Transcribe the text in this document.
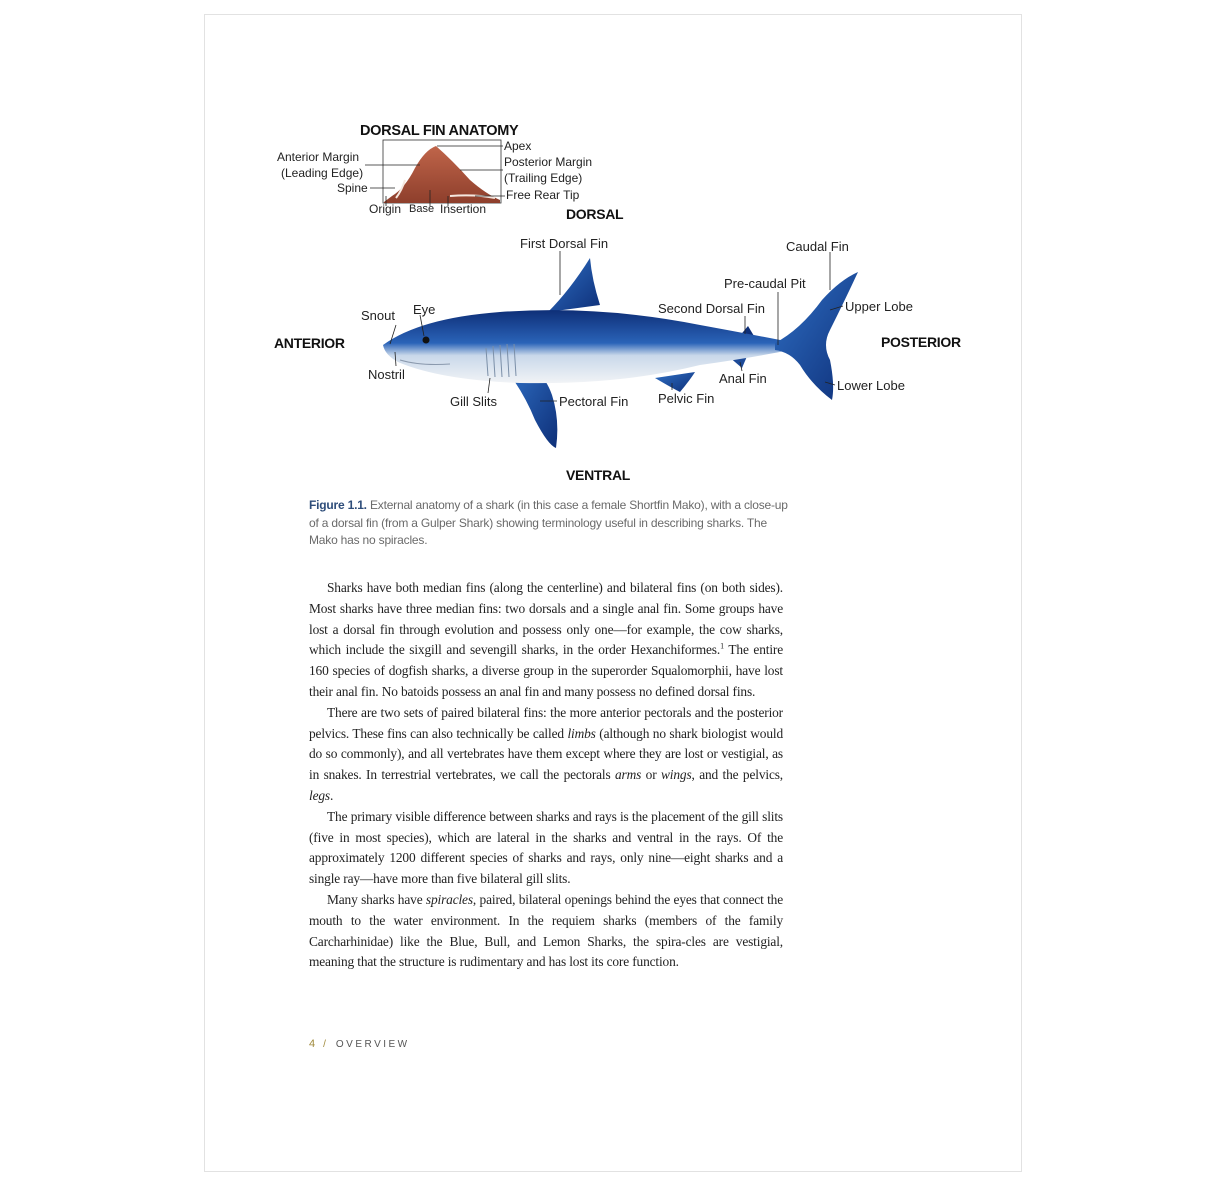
DORSAL FIN ANATOMY
Anterior Margin
(Leading Edge)
Spine
Apex
Posterior Margin
(Trailing Edge)
Free Rear Tip
Origin Base Insertion	DORSAL
VENTRAL
ANTERIOR	POSTERIOR
First Dorsal Fin	Caudal Fin
Pre-caudal Pit
Upper Lobe
Second Dorsal Fin
Snout Eye
Nostril	Anal Fin	Lower Lobe
Gill Slits	Pectoral Fin Pelvic Fin
Figure 1.1. External anatomy of a shark (in this case a female Shortfin Mako), with a close-up of a dorsal fin (from a Gulper Shark) showing terminology useful in describing sharks. The Mako has no spiracles.

Sharks have both median fins (along the centerline) and bilateral fins (on both sides). Most sharks have three median fins: two dorsals and a single anal fin. Some groups have lost a dorsal fin through evolution and possess only one—for example, the cow sharks, which include the sixgill and sevengill sharks, in the order Hexanchiformes.$^1$ The entire 160 species of dogfish sharks, a diverse group in the superorder Squalomorphii, have lost their anal fin. No batoids possess an anal fin and many possess no defined dorsal fins.

There are two sets of paired bilateral fins: the more anterior pectorals and the posterior pelvics. These fins can also technically be called limbs (although no shark biologist would do so commonly), and all vertebrates have them except where they are lost or vestigial, as in snakes. In terrestrial vertebrates, we call the pectorals arms or wings, and the pelvics, legs.

The primary visible difference between sharks and rays is the placement of the gill slits (five in most species), which are lateral in the sharks and ventral in the rays. Of the approximately 1200 different species of sharks and rays, only nine—eight sharks and a single ray—have more than five bilateral gill slits.

Many sharks have spiracles, paired, bilateral openings behind the eyes that connect the mouth to the water environment. In the requiem sharks (members of the family Carcharhinidae) like the Blue, Bull, and Lemon Sharks, the spira-cles are vestigial, meaning that the structure is rudimentary and has lost its core function.

4 / OVERVIEW
